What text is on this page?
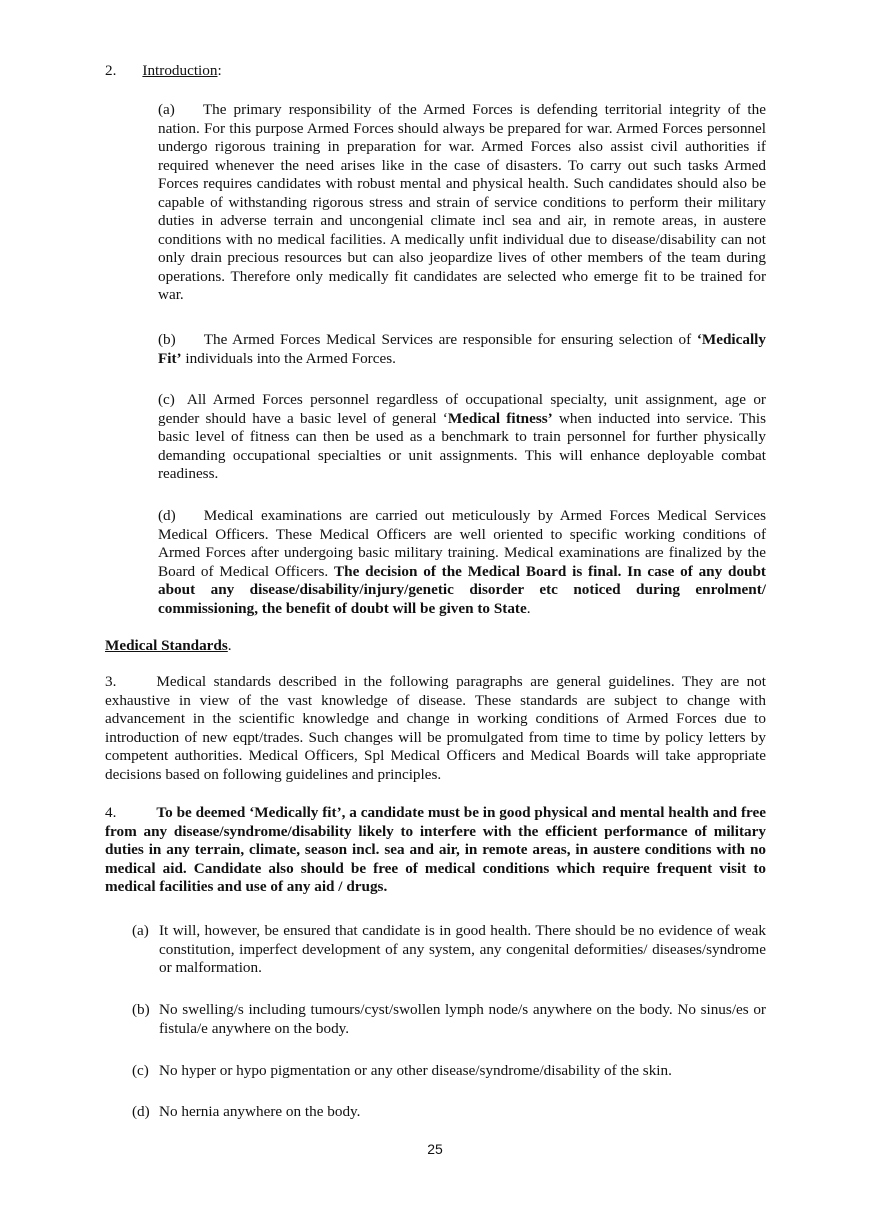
2. Introduction:
(a) The primary responsibility of the Armed Forces is defending territorial integrity of the nation. For this purpose Armed Forces should always be prepared for war. Armed Forces personnel undergo rigorous training in preparation for war. Armed Forces also assist civil authorities if required whenever the need arises like in the case of disasters. To carry out such tasks Armed Forces requires candidates with robust mental and physical health. Such candidates should also be capable of withstanding rigorous stress and strain of service conditions to perform their military duties in adverse terrain and uncongenial climate incl sea and air, in remote areas, in austere conditions with no medical facilities. A medically unfit individual due to disease/disability can not only drain precious resources but can also jeopardize lives of other members of the team during operations. Therefore only medically fit candidates are selected who emerge fit to be trained for war.
(b) The Armed Forces Medical Services are responsible for ensuring selection of ‘Medically Fit’ individuals into the Armed Forces.
(c) All Armed Forces personnel regardless of occupational specialty, unit assignment, age or gender should have a basic level of general ‘Medical fitness’ when inducted into service. This basic level of fitness can then be used as a benchmark to train personnel for further physically demanding occupational specialties or unit assignments. This will enhance deployable combat readiness.
(d) Medical examinations are carried out meticulously by Armed Forces Medical Services Medical Officers. These Medical Officers are well oriented to specific working conditions of Armed Forces after undergoing basic military training. Medical examinations are finalized by the Board of Medical Officers. The decision of the Medical Board is final. In case of any doubt about any disease/disability/injury/genetic disorder etc noticed during enrolment/ commissioning, the benefit of doubt will be given to State.
Medical Standards.
3.	Medical standards described in the following paragraphs are general guidelines. They are not exhaustive in view of the vast knowledge of disease. These standards are subject to change with advancement in the scientific knowledge and change in working conditions of Armed Forces due to introduction of new eqpt/trades. Such changes will be promulgated from time to time by policy letters by competent authorities. Medical Officers, Spl Medical Officers and Medical Boards will take appropriate decisions based on following guidelines and principles.
4.	To be deemed ‘Medically fit’, a candidate must be in good physical and mental health and free from any disease/syndrome/disability likely to interfere with the efficient performance of military duties in any terrain, climate, season incl. sea and air, in remote areas, in austere conditions with no medical aid. Candidate also should be free of medical conditions which require frequent visit to medical facilities and use of any aid / drugs.
(a) It will, however, be ensured that candidate is in good health. There should be no evidence of weak constitution, imperfect development of any system, any congenital deformities/ diseases/syndrome or malformation.
(b) No swelling/s including tumours/cyst/swollen lymph node/s anywhere on the body. No sinus/es or fistula/e anywhere on the body.
(c) No hyper or hypo pigmentation or any other disease/syndrome/disability of the skin.
(d) No hernia anywhere on the body.
25
